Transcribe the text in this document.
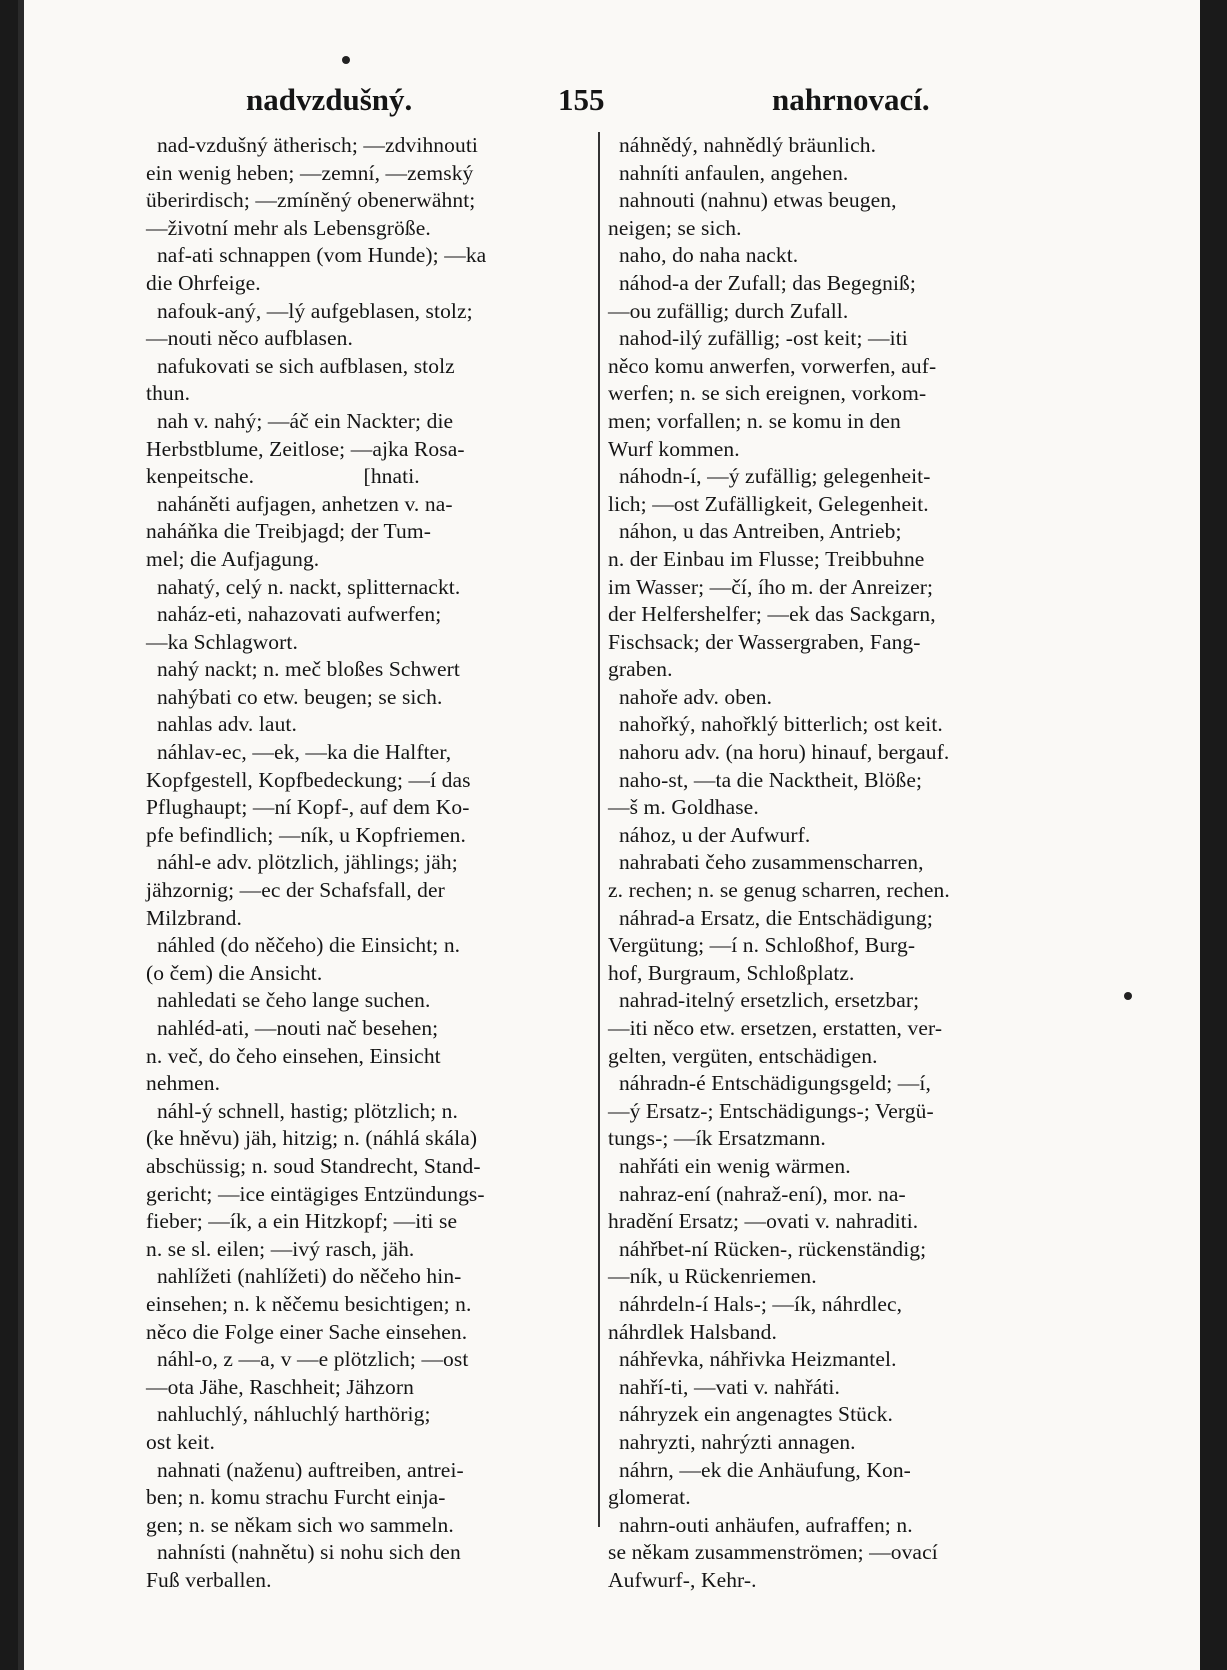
nadvzdušný.	155	nahrnovací.
nad-vzdušný ätherisch; —zdvihnouti
ein wenig heben; —zemní, —zemský
überirdisch; —zmíněný obenerwähnt;
—životní mehr als Lebensgröße.
naf-ati schnappen (vom Hunde); —ka
die Ohrfeige.
nafouk-aný, —lý aufgeblasen, stolz;
—nouti něco aufblasen.
nafukovati se sich aufblasen, stolz
thun.
nah v. nahý; —áč ein Nackter; die
Herbstblume, Zeitlose; —ajka Rosa-
kenpeitsche.                    [hnati.
naháněti aufjagen, anhetzen v. na-
naháňka die Treibjagd; der Tum-
mel; die Aufjagung.
nahatý, celý n. nackt, splitternackt.
naház-eti, nahazovati aufwerfen;
—ka Schlagwort.
nahý nackt; n. meč bloßes Schwert
nahýbati co etw. beugen; se sich.
nahlas adv. laut.
náhlav-ec, —ek, —ka die Halfter,
Kopfgestell, Kopfbedeckung; —í das
Pflughaupt; —ní Kopf-, auf dem Ko-
pfe befindlich; —ník, u Kopfriemen.
náhl-e adv. plötzlich, jählings; jäh;
jähzornig; —ec der Schafsfall, der
Milzbrand.
náhled (do něčeho) die Einsicht; n.
(o čem) die Ansicht.
nahledati se čeho lange suchen.
nahléd-ati, —nouti nač besehen;
n. več, do čeho einsehen, Einsicht
nehmen.
náhl-ý schnell, hastig; plötzlich; n.
(ke hněvu) jäh, hitzig; n. (náhlá skála)
abschüssig; n. soud Standrecht, Stand-
gericht; —ice eintägiges Entzündungs-
fieber; —ík, a ein Hitzkopf; —iti se
n. se sl. eilen; —ivý rasch, jäh.
nahlížeti (nahlížeti) do něčeho hin-
einsehen; n. k něčemu besichtigen; n.
něco die Folge einer Sache einsehen.
náhl-o, z —a, v —e plötzlich; —ost
—ota Jähe, Raschheit; Jähzorn
nahluchlý, náhluchlý harthörig;
ost keit.
nahnati (naženu) auftreiben, antrei-
ben; n. komu strachu Furcht einja-
gen; n. se někam sich wo sammeln.
nahnísti (nahnětu) si nohu sich den
Fuß verballen.
náhnědý, nahnědlý bräunlich.
nahníti anfaulen, angehen.
nahnouti (nahnu) etwas beugen,
neigen; se sich.
naho, do naha nackt.
náhod-a der Zufall; das Begegniß;
—ou zufällig; durch Zufall.
nahod-ilý zufällig; -ost keit; —iti
něco komu anwerfen, vorwerfen, auf-
werfen; n. se sich ereignen, vorkom-
men; vorfallen; n. se komu in den
Wurf kommen.
náhodn-í, —ý zufällig; gelegenheit-
lich; —ost Zufälligkeit, Gelegenheit.
náhon, u das Antreiben, Antrieb;
n. der Einbau im Flusse; Treibbuhne
im Wasser; —čí, ího m. der Anreizer;
der Helfershelfer; —ek das Sackgarn,
Fischsack; der Wassergraben, Fang-
graben.
nahoře adv. oben.
nahořký, nahořklý bitterlich; ost keit.
nahoru adv. (na horu) hinauf, bergauf.
naho-st, —ta die Nacktheit, Blöße;
—š m. Goldhase.
nához, u der Aufwurf.
nahrabati čeho zusammenscharren,
z. rechen; n. se genug scharren, rechen.
náhrad-a Ersatz, die Entschädigung;
Vergütung; —í n. Schloßhof, Burg-
hof, Burgraum, Schloßplatz.
nahrad-itelný ersetzlich, ersetzbar;
—iti něco etw. ersetzen, erstatten, ver-
gelten, vergüten, entschädigen.
náhradn-é Entschädigungsgeld; —í,
—ý Ersatz-; Entschädigungs-; Vergü-
tungs-; —ík Ersatzmann.
nahřáti ein wenig wärmen.
nahraz-ení (nahraž-ení), mor. na-
hradění Ersatz; —ovati v. nahraditi.
náhřbet-ní Rücken-, rückenständig;
—ník, u Rückenriemen.
náhrdeln-í Hals-; —ík, náhrdlec,
náhrdlek Halsband.
náhřevka, náhřivka Heizmantel.
nahří-ti, —vati v. nahřáti.
náhryzek ein angenagtes Stück.
nahryzti, nahrýzti annagen.
náhrn, —ek die Anhäufung, Kon-
glomerat.
nahrn-outi anhäufen, aufraffen; n.
se někam zusammenströmen; —ovací
Aufwurf-, Kehr-.
